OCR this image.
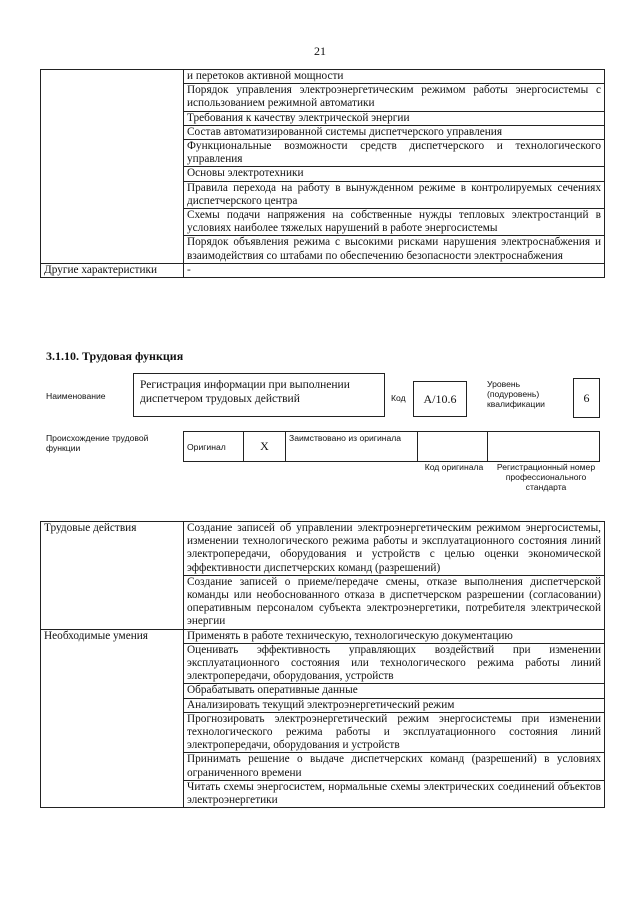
21
	и перетоков активной мощности
	Порядок управления электроэнергетическим режимом работы энергосистемы с использованием режимной автоматики
	Требования к качеству электрической энергии
	Состав автоматизированной системы диспетчерского управления
	Функциональные возможности средств диспетчерского и технологического управления
	Основы электротехники
	Правила перехода на работу в вынужденном режиме в контролируемых сечениях диспетчерского центра
	Схемы подачи напряжения на собственные нужды тепловых электростанций в условиях наиболее тяжелых нарушений в работе энергосистемы
	Порядок объявления режима с высокими рисками нарушения электроснабжения и взаимодействия со штабами по обеспечению безопасности электроснабжения
Другие характеристики	-
3.1.10. Трудовая функция
Наименование
Регистрация информации при выполнении диспетчером трудовых действий	Код	А/10.6
Уровень (подуровень) квалификации	6
Происхождение трудовой функции	Оригинал	X	Заимствовано из оригинала		
Код оригинала	Регистрационный номер профессионального стандарта
Трудовые действия	Создание записей об управлении электроэнергетическим режимом энергосистемы, изменении технологического режима работы и эксплуатационного состояния линий электропередачи, оборудования и устройств с целью оценки экономической эффективности диспетчерских команд (разрешений)
	Создание записей о приеме/передаче смены, отказе выполнения диспетчерской команды или необоснованного отказа в диспетчерском разрешении (согласовании) оперативным персоналом субъекта электроэнергетики, потребителя электрической энергии
Необходимые умения	Применять в работе техническую, технологическую документацию
	Оценивать эффективность управляющих воздействий при изменении эксплуатационного состояния или технологического режима работы линий электропередачи, оборудования, устройств
	Обрабатывать оперативные данные
	Анализировать текущий электроэнергетический режим
	Прогнозировать электроэнергетический режим энергосистемы при изменении технологического режима работы и эксплуатационного состояния линий электропередачи, оборудования и устройств
	Принимать решение о выдаче диспетчерских команд (разрешений) в условиях ограниченного времени
	Читать схемы энергосистем, нормальные схемы электрических соединений объектов электроэнергетики
